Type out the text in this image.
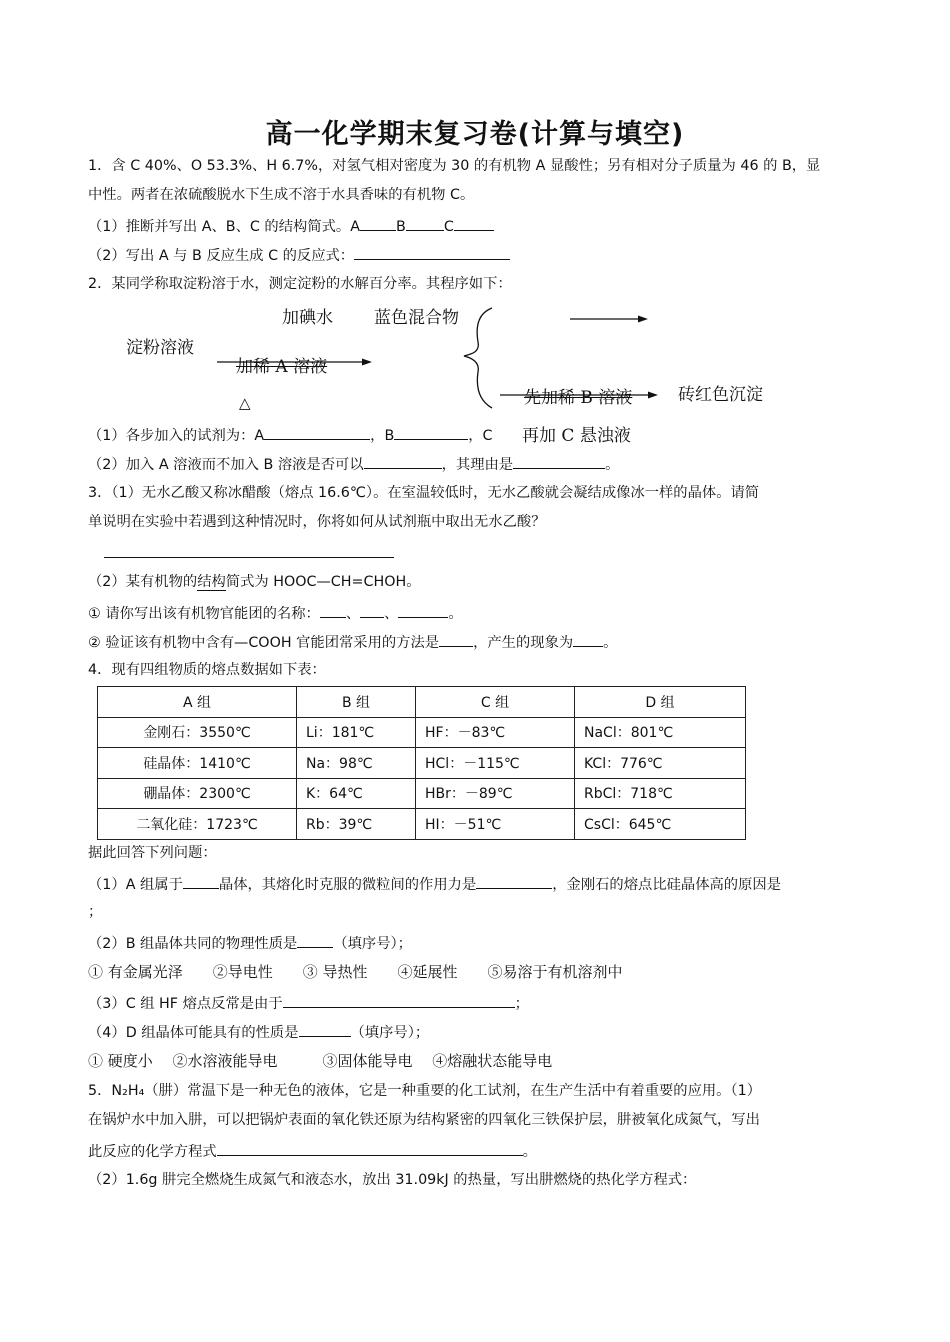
高一化学期末复习卷(计算与填空)
1．含 C 40%、O 53.3%、H 6.7%，对氢气相对密度为 30 的有机物 A 显酸性；另有相对分子质量为 46 的 B，显
中性。两者在浓硫酸脱水下生成不溶于水具香味的有机物 C。
（1）推断并写出 A、B、C 的结构简式。A	B	C
（2）写出 A 与 B 反应生成 C 的反应式：
2．某同学称取淀粉溶于水，测定淀粉的水解百分率。其程序如下：
淀粉溶液
加碘水 蓝色混合物
加稀 A 溶液
△	先加稀 B 溶液
再加 C 悬浊液
砖红色沉淀
（1）各步加入的试剂为：A	，B	，C
（2）加入 A 溶液而不加入 B 溶液是否可以	，其理由是	。
3．（1）无水乙酸又称冰醋酸（熔点 16.6℃）。在室温较低时，无水乙酸就会凝结成像冰一样的晶体。请简
单说明在实验中若遇到这种情况时，你将如何从试剂瓶中取出无水乙酸？
（2）某有机物的结构简式为 HOOC—CH=CHOH。
① 请你写出该有机物官能团的名称： 、 、	。
② 验证该有机物中含有—COOH 官能团常采用的方法是 ，产生的现象为 。
4．现有四组物质的熔点数据如下表：
A 组	B 组	C 组	D 组
金刚石：3550℃	Li：181℃	HF：－83℃	NaCl：801℃
硅晶体：1410℃	Na：98℃	HCl：－115℃	KCl：776℃
硼晶体：2300℃	K：64℃	HBr：－89℃	RbCl：718℃
二氧化硅：1723℃	Rb：39℃	HI：－51℃	CsCl：645℃
据此回答下列问题：
（1）A 组属于	晶体，其熔化时克服的微粒间的作用力是	，金刚石的熔点比硅晶体高的原因是
；
（2）B 组晶体共同的物理性质是	（填序号）；
① 有金属光泽　　②导电性　　③ 导热性　　④延展性　　⑤易溶于有机溶剂中
（3）C 组 HF 熔点反常是由于	；
（4）D 组晶体可能具有的性质是	（填序号）；
① 硬度小　 ②水溶液能导电　　　③固体能导电　 ④熔融状态能导电
5．N₂H₄（肼）常温下是一种无色的液体，它是一种重要的化工试剂，在生产生活中有着重要的应用。（1）
在锅炉水中加入肼，可以把锅炉表面的氧化铁还原为结构紧密的四氧化三铁保护层，肼被氧化成氮气，写出
此反应的化学方程式	。
（2）1.6g 肼完全燃烧生成氮气和液态水，放出 31.09kJ 的热量，写出肼燃烧的热化学方程式：
